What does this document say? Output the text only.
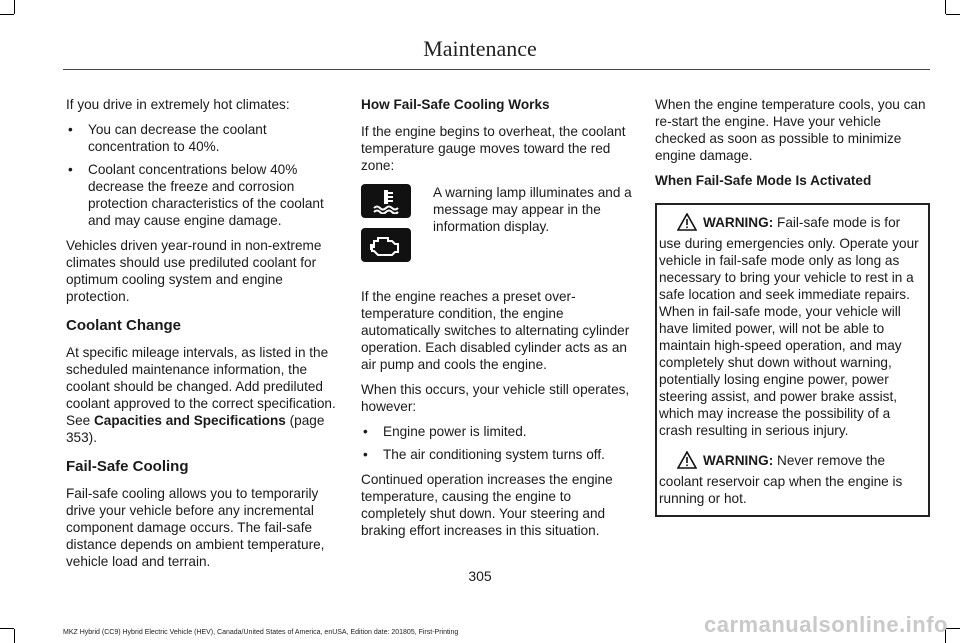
Maintenance

If you drive in extremely hot climates:

• You can decrease the coolant concentration to 40%.
• Coolant concentrations below 40% decrease the freeze and corrosion protection characteristics of the coolant and may cause engine damage.

Vehicles driven year-round in non-extreme climates should use prediluted coolant for optimum cooling system and engine protection.

Coolant Change

At specific mileage intervals, as listed in the scheduled maintenance information, the coolant should be changed. Add prediluted coolant approved to the correct specification. See Capacities and Specifications (page 353).

Fail-Safe Cooling

Fail-safe cooling allows you to temporarily drive your vehicle before any incremental component damage occurs. The fail-safe distance depends on ambient temperature, vehicle load and terrain.

How Fail-Safe Cooling Works

If the engine begins to overheat, the coolant temperature gauge moves toward the red zone:

A warning lamp illuminates and a message may appear in the information display.

If the engine reaches a preset over-temperature condition, the engine automatically switches to alternating cylinder operation. Each disabled cylinder acts as an air pump and cools the engine.

When this occurs, your vehicle still operates, however:

• Engine power is limited.
• The air conditioning system turns off.

Continued operation increases the engine temperature, causing the engine to completely shut down. Your steering and braking effort increases in this situation.

When the engine temperature cools, you can re-start the engine. Have your vehicle checked as soon as possible to minimize engine damage.

When Fail-Safe Mode Is Activated

WARNING: Fail-safe mode is for use during emergencies only. Operate your vehicle in fail-safe mode only as long as necessary to bring your vehicle to rest in a safe location and seek immediate repairs. When in fail-safe mode, your vehicle will have limited power, will not be able to maintain high-speed operation, and may completely shut down without warning, potentially losing engine power, power steering assist, and power brake assist, which may increase the possibility of a crash resulting in serious injury.

WARNING: Never remove the coolant reservoir cap when the engine is running or hot.

305
MKZ Hybrid (CC9) Hybrid Electric Vehicle (HEV), Canada/United States of America, enUSA, Edition date: 201805, First-Printing	carmanualsonline.info
